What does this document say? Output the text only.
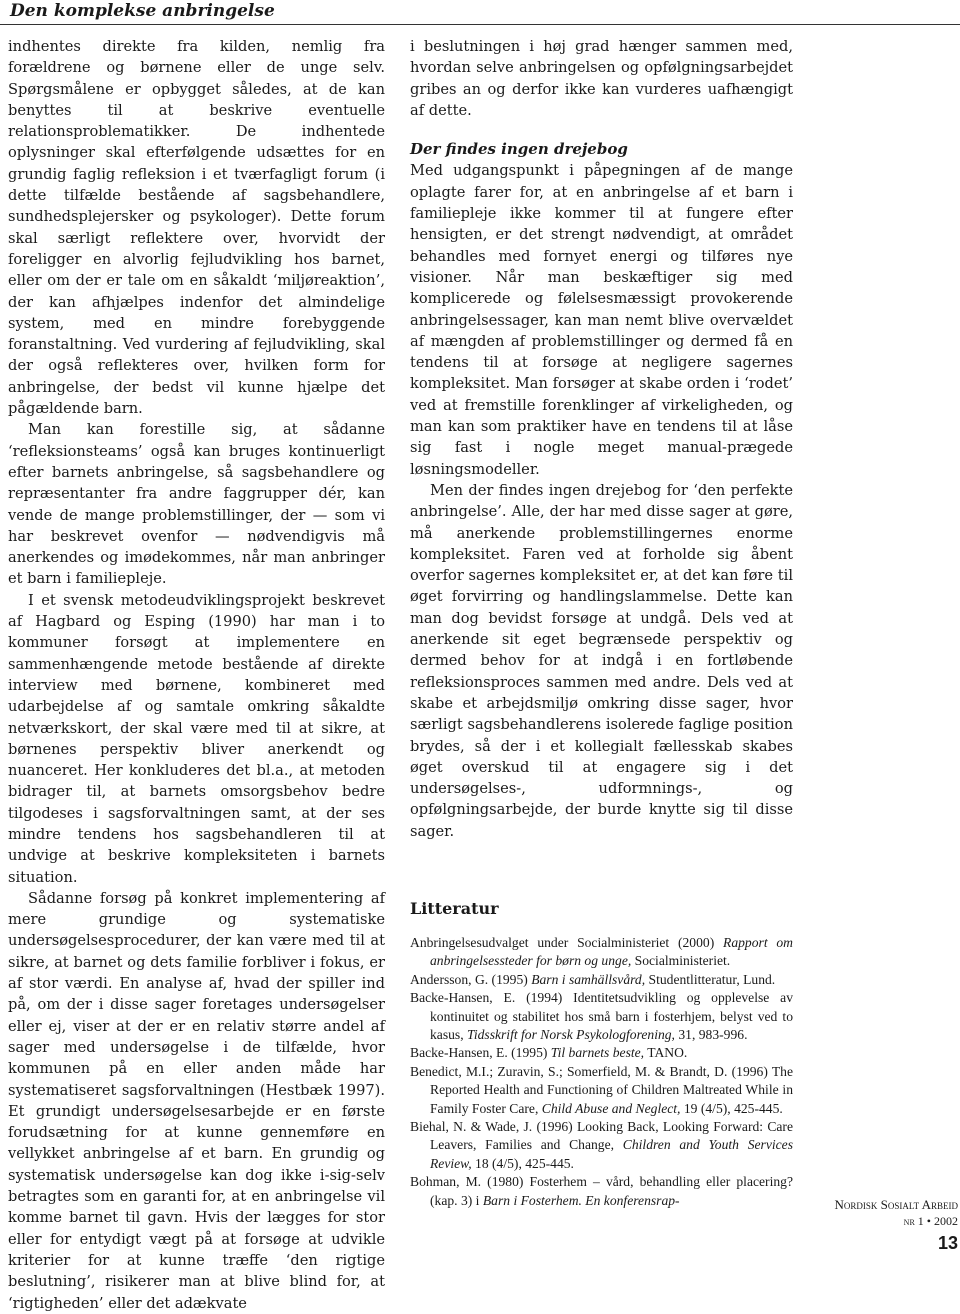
Den komplekse anbringelse

indhentes direkte fra kilden, nemlig fra forældrene og børnene eller de unge selv. Spørgsmålene er opbygget således, at de kan benyttes til at beskrive eventuelle relationsproblematikker. De indhentede oplysninger skal efterfølgende udsættes for en grundig faglig refleksion i et tværfagligt forum (i dette tilfælde bestående af sagsbehandlere, sundhedsplejersker og psykologer). Dette forum skal særligt reflektere over, hvorvidt der foreligger en alvorlig fejludvikling hos barnet, eller om der er tale om en såkaldt ‘miljøreaktion’, der kan afhjælpes indenfor det almindelige system, med en mindre forebyggende foranstaltning. Ved vurdering af fejludvikling, skal der også reflekteres over, hvilken form for anbringelse, der bedst vil kunne hjælpe det pågældende barn.

Man kan forestille sig, at sådanne ‘refleksionsteams’ også kan bruges kontinuerligt efter barnets anbringelse, så sagsbehandlere og repræsentanter fra andre faggrupper dér, kan vende de mange problemstillinger, der — som vi har beskrevet ovenfor — nødvendigvis må anerkendes og imødekommes, når man anbringer et barn i familiepleje.

I et svensk metodeudviklingsprojekt beskrevet af Hagbard og Esping (1990) har man i to kommuner forsøgt at implementere en sammenhængende metode bestående af direkte interview med børnene, kombineret med udarbejdelse af og samtale omkring såkaldte netværkskort, der skal være med til at sikre, at børnenes perspektiv bliver anerkendt og nuanceret. Her konkluderes det bl.a., at metoden bidrager til, at barnets omsorgsbehov bedre tilgodeses i sagsforvaltningen samt, at der ses mindre tendens hos sagsbehandleren til at undvige at beskrive kompleksiteten i barnets situation.

Sådanne forsøg på konkret implementering af mere grundige og systematiske undersøgelsesprocedurer, der kan være med til at sikre, at barnet og dets familie forbliver i fokus, er af stor værdi. En analyse af, hvad der spiller ind på, om der i disse sager foretages undersøgelser eller ej, viser at der er en relativ større andel af sager med undersøgelse i de tilfælde, hvor kommunen på en eller anden måde har systematiseret sagsforvaltningen (Hestbæk 1997). Et grundigt undersøgelsesarbejde er en første forudsætning for at kunne gennemføre en vellykket anbringelse af et barn. En grundig og systematisk undersøgelse kan dog ikke i-sig-selv betragtes som en garanti for, at en anbringelse vil komme barnet til gavn. Hvis der lægges for stor eller for entydigt vægt på at forsøge at udvikle kriterier for at kunne træffe ‘den rigtige beslutning’, risikerer man at blive blind for, at ‘rigtigheden’ eller det adækvate

i beslutningen i høj grad hænger sammen med, hvordan selve anbringelsen og opfølgningsarbejdet gribes an og derfor ikke kan vurderes uafhængigt af dette.

Der findes ingen drejebog

Med udgangspunkt i påpegningen af de mange oplagte farer for, at en anbringelse af et barn i familiepleje ikke kommer til at fungere efter hensigten, er det strengt nødvendigt, at området behandles med fornyet energi og tilføres nye visioner. Når man beskæftiger sig med komplicerede og følelsesmæssigt provokerende anbringelsessager, kan man nemt blive overvældet af mængden af problemstillinger og dermed få en tendens til at forsøge at negligere sagernes kompleksitet. Man forsøger at skabe orden i ‘rodet’ ved at fremstille forenklinger af virkeligheden, og man kan som praktiker have en tendens til at låse sig fast i nogle meget manual-prægede løsningsmodeller.

Men der findes ingen drejebog for ‘den perfekte anbringelse’. Alle, der har med disse sager at gøre, må anerkende problemstillingernes enorme kompleksitet. Faren ved at forholde sig åbent overfor sagernes kompleksitet er, at det kan føre til øget forvirring og handlingslammelse. Dette kan man dog bevidst forsøge at undgå. Dels ved at anerkende sit eget begrænsede perspektiv og dermed behov for at indgå i en fortløbende refleksionsproces sammen med andre. Dels ved at skabe et arbejdsmiljø omkring disse sager, hvor særligt sagsbehandlerens isolerede faglige position brydes, så der i et kollegialt fællesskab skabes øget overskud til at engagere sig i det undersøgelses-, udformnings-, og opfølgningsarbejde, der burde knytte sig til disse sager.

Litteratur

Anbringelsesudvalget under Socialministeriet (2000) Rapport om anbringelsessteder for børn og unge, Socialministeriet.

Andersson, G. (1995) Barn i samhällsvård, Studentlitteratur, Lund.

Backe-Hansen, E. (1994) Identitetsudvikling og opplevelse av kontinuitet og stabilitet hos små barn i fosterhjem, belyst ved to kasus, Tidsskrift for Norsk Psykologforening, 31, 983-996.

Backe-Hansen, E. (1995) Til barnets beste, TANO.

Benedict, M.I.; Zuravin, S.; Somerfield, M. & Brandt, D. (1996) The Reported Health and Functioning of Children Maltreated While in Family Foster Care, Child Abuse and Neglect, 19 (4/5), 425-445.

Biehal, N. & Wade, J. (1996) Looking Back, Looking Forward: Care Leavers, Families and Change, Children and Youth Services Review, 18 (4/5), 425-445.

Bohman, M. (1980) Fosterhem – vård, behandling eller placering? (kap. 3) i Barn i Fosterhem. En konferensrap-	Nordisk Sosialt Arbeid
nr 1 • 2002
13
